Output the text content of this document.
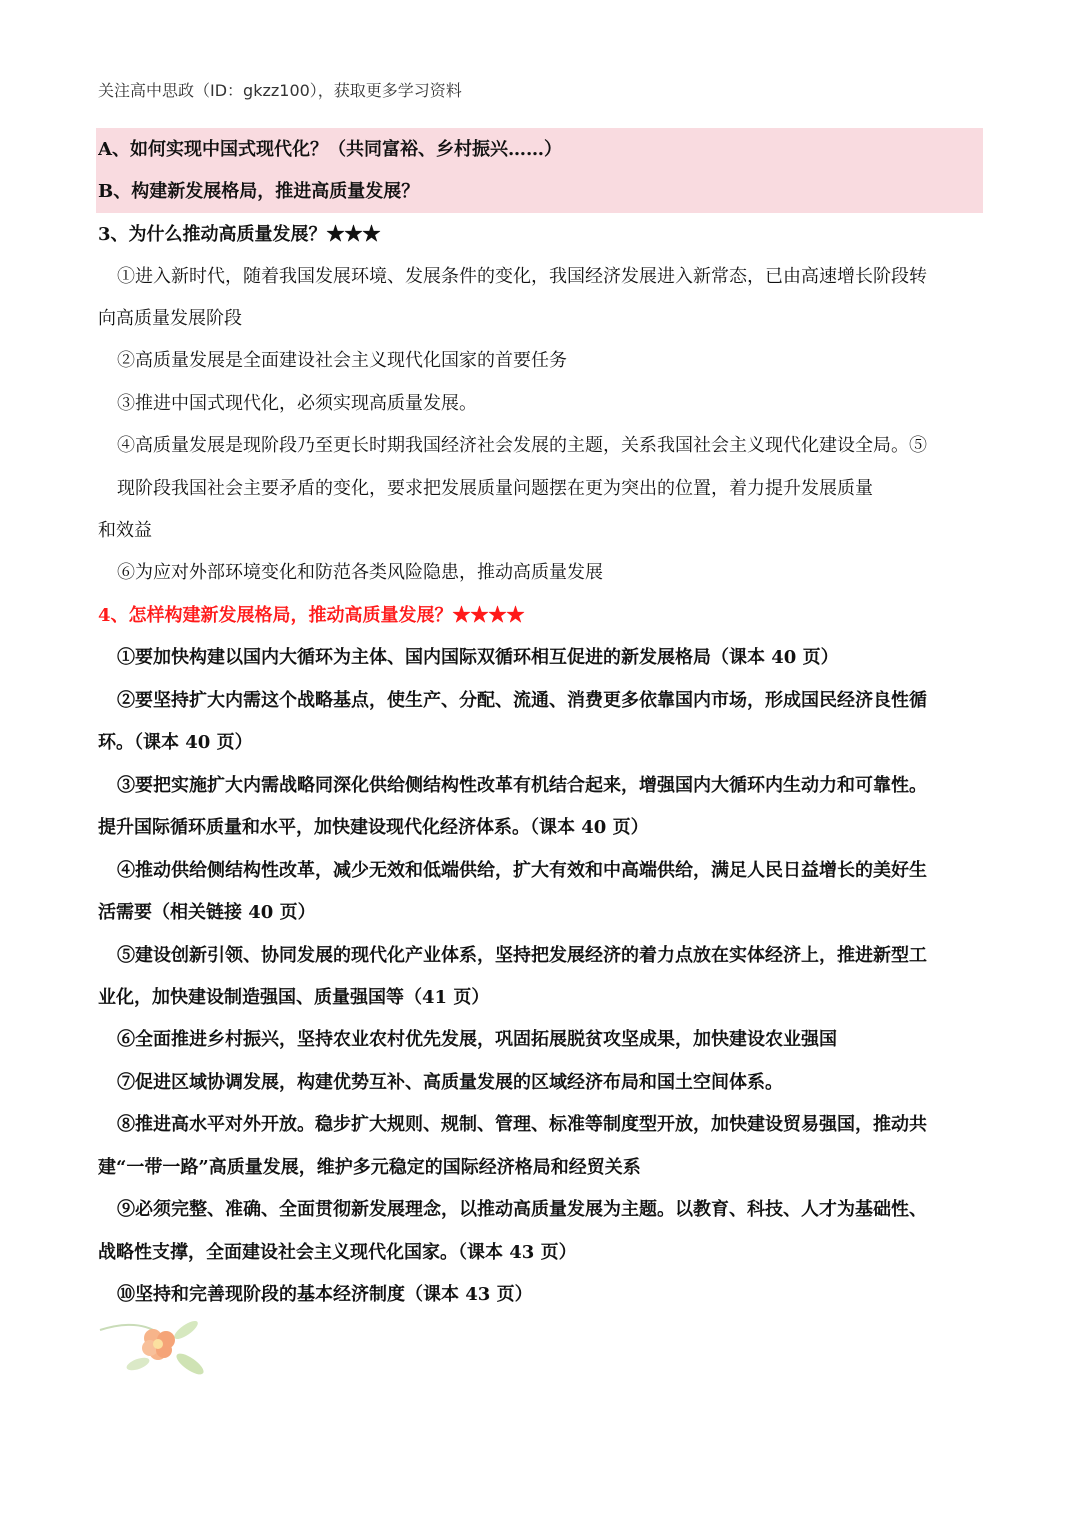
关注高中思政（ID：gkzz100），获取更多学习资料
A、如何实现中国式现代化？（共同富裕、乡村振兴……）
B、构建新发展格局，推进高质量发展？
3、为什么推动高质量发展？★★★
①进入新时代，随着我国发展环境、发展条件的变化，我国经济发展进入新常态，已由高速增长阶段转
向高质量发展阶段
②高质量发展是全面建设社会主义现代化国家的首要任务
③推进中国式现代化，必须实现高质量发展。
④高质量发展是现阶段乃至更长时期我国经济社会发展的主题，关系我国社会主义现代化建设全局。⑤
现阶段我国社会主要矛盾的变化，要求把发展质量问题摆在更为突出的位置，着力提升发展质量
和效益
⑥为应对外部环境变化和防范各类风险隐患，推动高质量发展
4、怎样构建新发展格局，推动高质量发展？★★★★
①要加快构建以国内大循环为主体、国内国际双循环相互促进的新发展格局（课本 40 页）
②要坚持扩大内需这个战略基点，使生产、分配、流通、消费更多依靠国内市场，形成国民经济良性循
环。（课本 40 页）
③要把实施扩大内需战略同深化供给侧结构性改革有机结合起来，增强国内大循环内生动力和可靠性。
提升国际循环质量和水平，加快建设现代化经济体系。（课本 40 页）
④推动供给侧结构性改革，减少无效和低端供给，扩大有效和中高端供给，满足人民日益增长的美好生
活需要（相关链接 40 页）
⑤建设创新引领、协同发展的现代化产业体系，坚持把发展经济的着力点放在实体经济上，推进新型工
业化，加快建设制造强国、质量强国等（41 页）
⑥全面推进乡村振兴，坚持农业农村优先发展，巩固拓展脱贫攻坚成果，加快建设农业强国
⑦促进区域协调发展，构建优势互补、高质量发展的区域经济布局和国土空间体系。
⑧推进高水平对外开放。稳步扩大规则、规制、管理、标准等制度型开放，加快建设贸易强国，推动共
建“一带一路”高质量发展，维护多元稳定的国际经济格局和经贸关系
⑨必须完整、准确、全面贯彻新发展理念，以推动高质量发展为主题。以教育、科技、人才为基础性、
战略性支撑，全面建设社会主义现代化国家。（课本 43 页）
⑩坚持和完善现阶段的基本经济制度（课本 43 页）
